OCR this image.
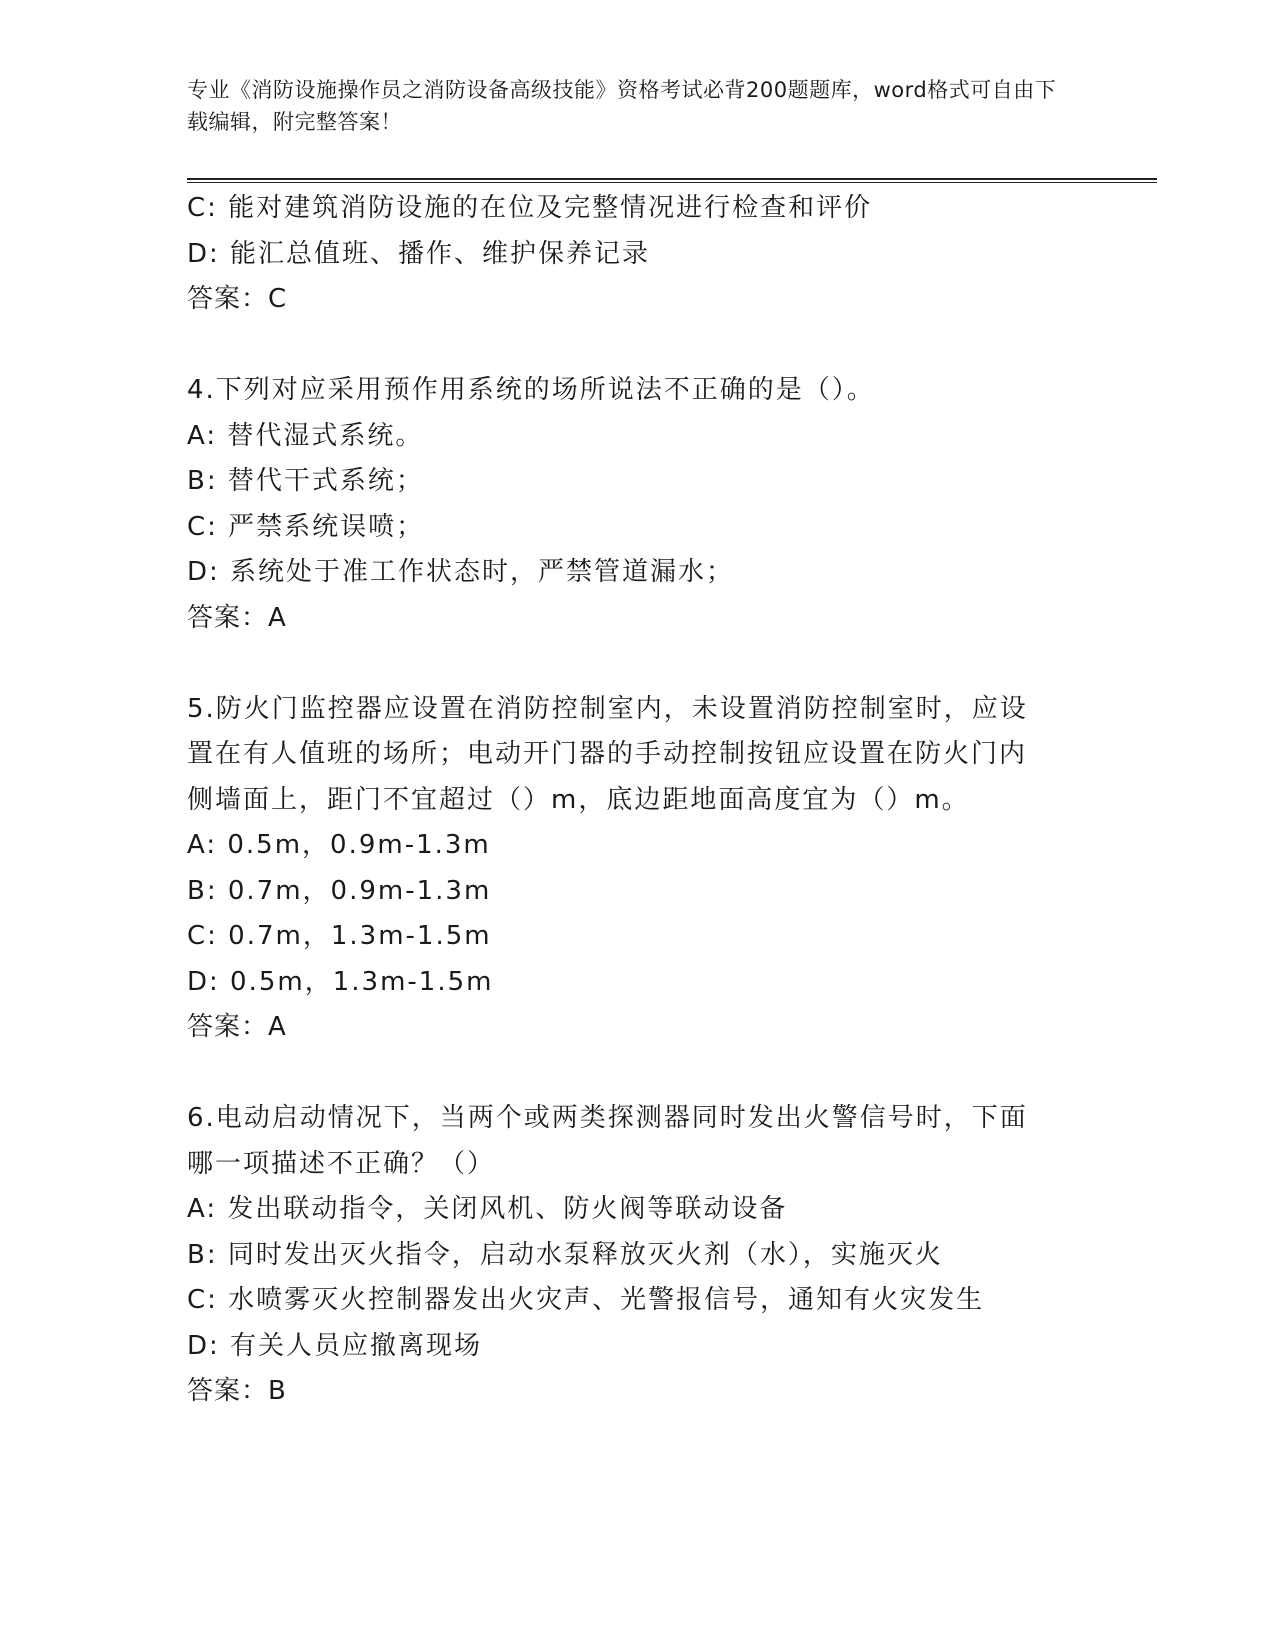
专业《消防设施操作员之消防设备高级技能》资格考试必背200题题库，word格式可自由下载编辑，附完整答案！
C: 能对建筑消防设施的在位及完整情况进行检查和评价
D: 能汇总值班、播作、维护保养记录
答案：C
4.下列对应采用预作用系统的场所说法不正确的是（）。
A: 替代湿式系统。
B: 替代干式系统；
C: 严禁系统误喷；
D: 系统处于准工作状态时，严禁管道漏水；
答案：A
5.防火门监控器应设置在消防控制室内，未设置消防控制室时，应设
置在有人值班的场所；电动开门器的手动控制按钮应设置在防火门内
侧墙面上，距门不宜超过（）m，底边距地面高度宜为（）m。
A: 0.5m，0.9m-1.3m
B: 0.7m，0.9m-1.3m
C: 0.7m，1.3m-1.5m
D: 0.5m，1.3m-1.5m
答案：A
6.电动启动情况下，当两个或两类探测器同时发出火警信号时，下面
哪一项描述不正确？（）
A: 发出联动指令，关闭风机、防火阀等联动设备
B: 同时发出灭火指令，启动水泵释放灭火剂（水），实施灭火
C: 水喷雾灭火控制器发出火灾声、光警报信号，通知有火灾发生
D: 有关人员应撤离现场
答案：B
